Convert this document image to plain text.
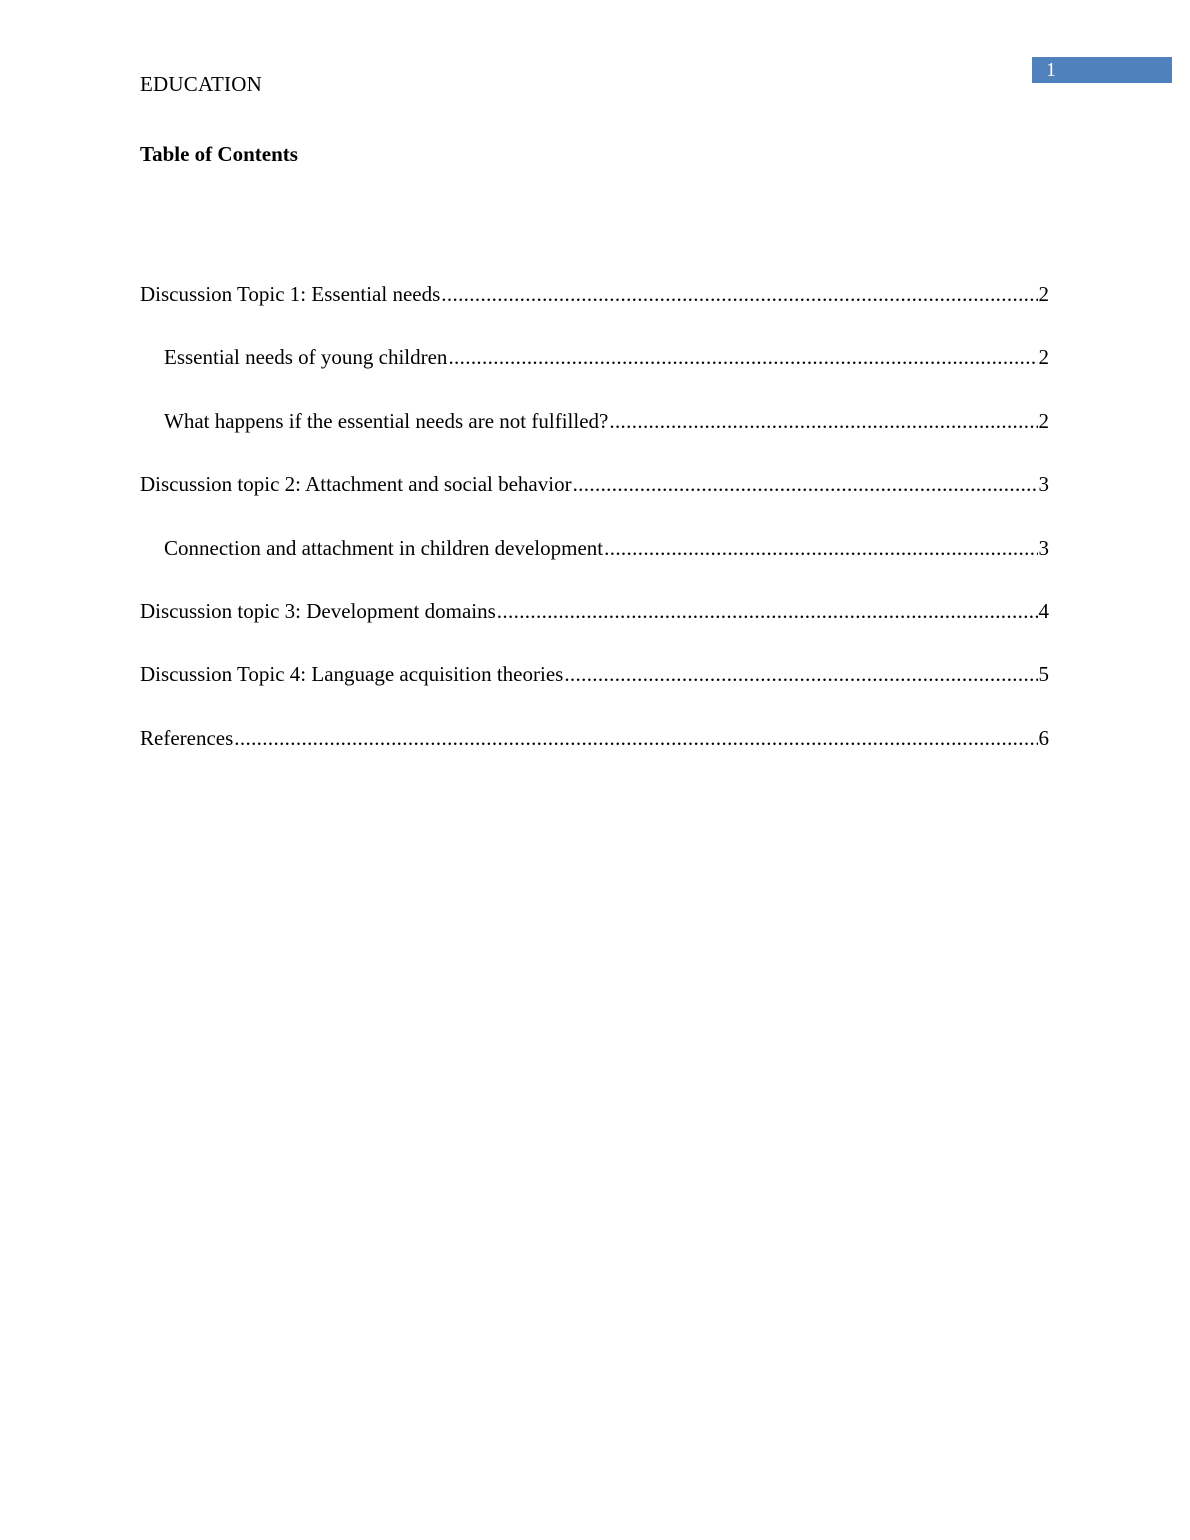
EDUCATION
1
Table of Contents
Discussion Topic 1: Essential needs .....	2
Essential needs of young children .....	2
What happens if the essential needs are not fulfilled? .....	2
Discussion topic 2: Attachment and social behavior .....	3
Connection and attachment in children development .....	3
Discussion topic 3: Development domains .....	4
Discussion Topic 4: Language acquisition theories .....	5
References .....	6
